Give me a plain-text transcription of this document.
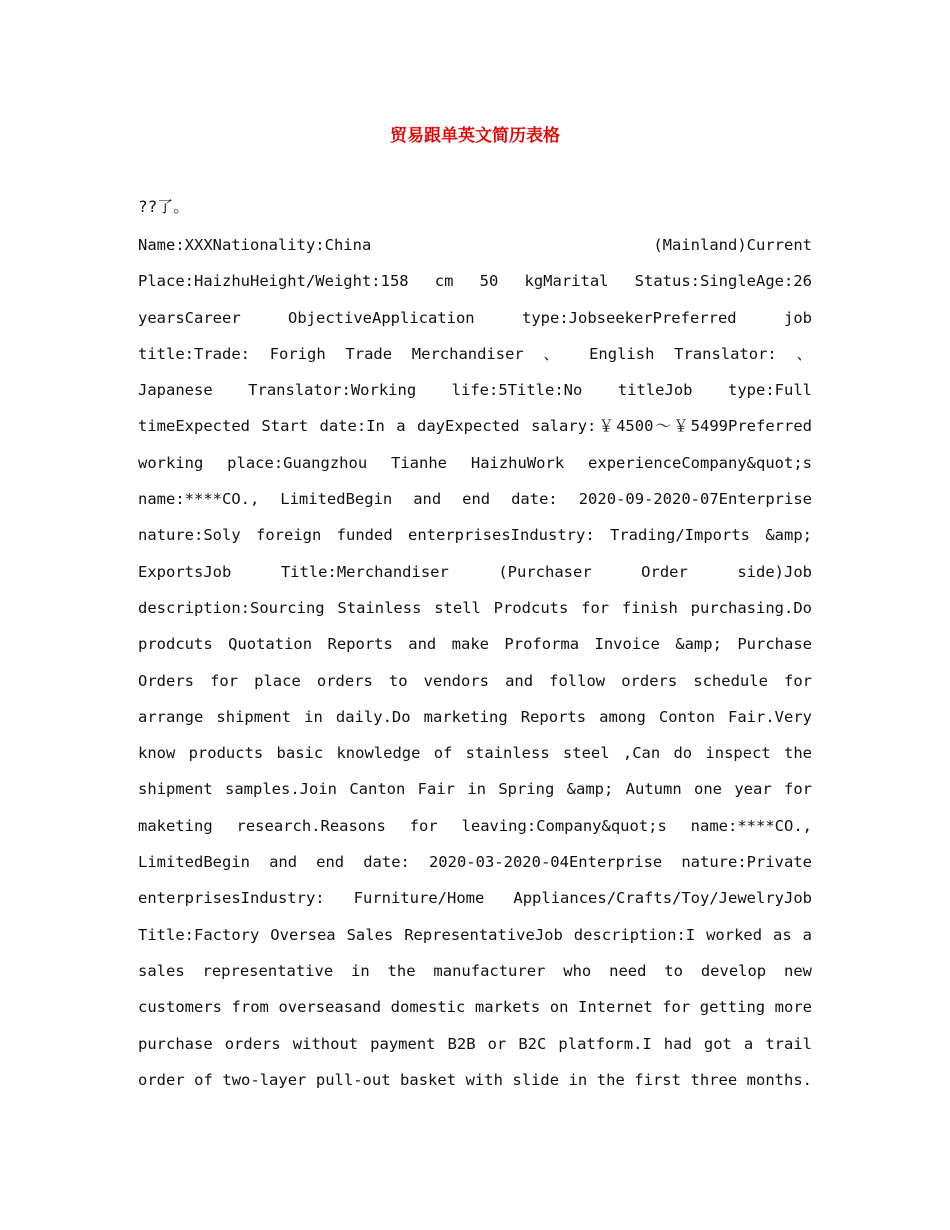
贸易跟单英文简历表格
??了。
Name:XXXNationality:China (Mainland)Current Place:HaizhuHeight/Weight:158 cm 50 kgMarital Status:SingleAge:26 yearsCareer ObjectiveApplication type:JobseekerPreferred job title:Trade: Forigh Trade Merchandiser 、 English Translator: 、 Japanese Translator:Working life:5Title:No titleJob type:Full timeExpected Start date:In a dayExpected salary:￥4500～￥5499Preferred working place:Guangzhou Tianhe HaizhuWork experienceCompany&quot;s name:****CO., LimitedBegin and end date: 2020-09-2020-07Enterprise nature:Soly foreign funded enterprisesIndustry: Trading/Imports &amp; ExportsJob Title:Merchandiser (Purchaser Order side)Job description:Sourcing Stainless stell Prodcuts for finish purchasing.Do prodcuts Quotation Reports and make Proforma Invoice &amp; Purchase Orders for place orders to vendors and follow orders schedule for arrange shipment in daily.Do marketing Reports among Conton Fair.Very know products basic knowledge of stainless steel ,Can do inspect the shipment samples.Join Canton Fair in Spring &amp; Autumn one year for maketing research.Reasons for leaving:Company&quot;s name:****CO., LimitedBegin and end date: 2020-03-2020-04Enterprise nature:Private enterprisesIndustry: Furniture/Home Appliances/Crafts/Toy/JewelryJob Title:Factory Oversea Sales RepresentativeJob description:I worked as a sales representative in the manufacturer who need to develop new customers from overseasand domestic markets on Internet for getting more purchase orders without payment B2B or B2C platform.I had got a trail order of two-layer pull-out basket with slide in the first three months.
